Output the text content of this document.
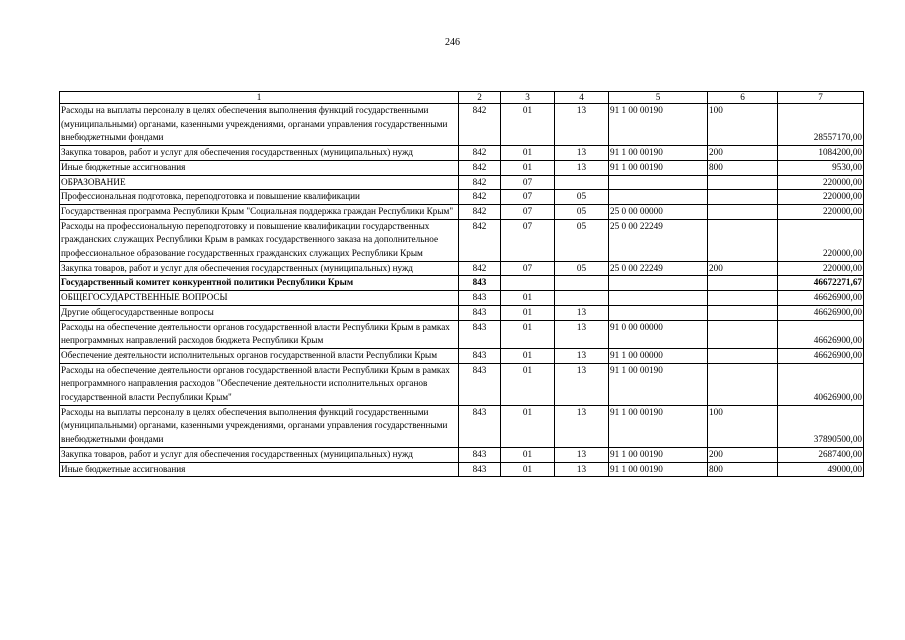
246
1	2	3	4	5	6	7
Расходы на выплаты персоналу в целях обеспечения выполнения функций государственными (муниципальными) органами, казенными учреждениями, органами управления государственными внебюджетными фондами	842	01	13	91 1 00 00190	100	28557170,00
Закупка товаров, работ и услуг для обеспечения государственных (муниципальных) нужд	842	01	13	91 1 00 00190	200	1084200,00
Иные бюджетные ассигнования	842	01	13	91 1 00 00190	800	9530,00
ОБРАЗОВАНИЕ	842	07				220000,00
Профессиональная подготовка, переподготовка и повышение квалификации	842	07	05			220000,00
Государственная программа Республики Крым "Социальная поддержка граждан Республики Крым"	842	07	05	25 0 00 00000		220000,00
Расходы на профессиональную переподготовку и повышение квалификации государственных гражданских служащих Республики Крым в рамках государственного заказа на дополнительное профессиональное образование государственных гражданских служащих Республики Крым	842	07	05	25 0 00 22249		220000,00
Закупка товаров, работ и услуг для обеспечения государственных (муниципальных) нужд	842	07	05	25 0 00 22249	200	220000,00
Государственный комитет конкурентной политики Республики Крым	843					46672271,67
ОБЩЕГОСУДАРСТВЕННЫЕ ВОПРОСЫ	843	01				46626900,00
Другие общегосударственные вопросы	843	01	13			46626900,00
Расходы на обеспечение деятельности органов государственной власти Республики Крым в рамках непрограммных направлений расходов бюджета Республики Крым	843	01	13	91 0 00 00000		46626900,00
Обеспечение деятельности исполнительных органов государственной власти Республики Крым	843	01	13	91 1 00 00000		46626900,00
Расходы на обеспечение деятельности органов государственной власти Республики Крым в рамках непрограммного направления расходов "Обеспечение деятельности исполнительных органов государственной власти Республики Крым"	843	01	13	91 1 00 00190		40626900,00
Расходы на выплаты персоналу в целях обеспечения выполнения функций государственными (муниципальными) органами, казенными учреждениями, органами управления государственными внебюджетными фондами	843	01	13	91 1 00 00190	100	37890500,00
Закупка товаров, работ и услуг для обеспечения государственных (муниципальных) нужд	843	01	13	91 1 00 00190	200	2687400,00
Иные бюджетные ассигнования	843	01	13	91 1 00 00190	800	49000,00
